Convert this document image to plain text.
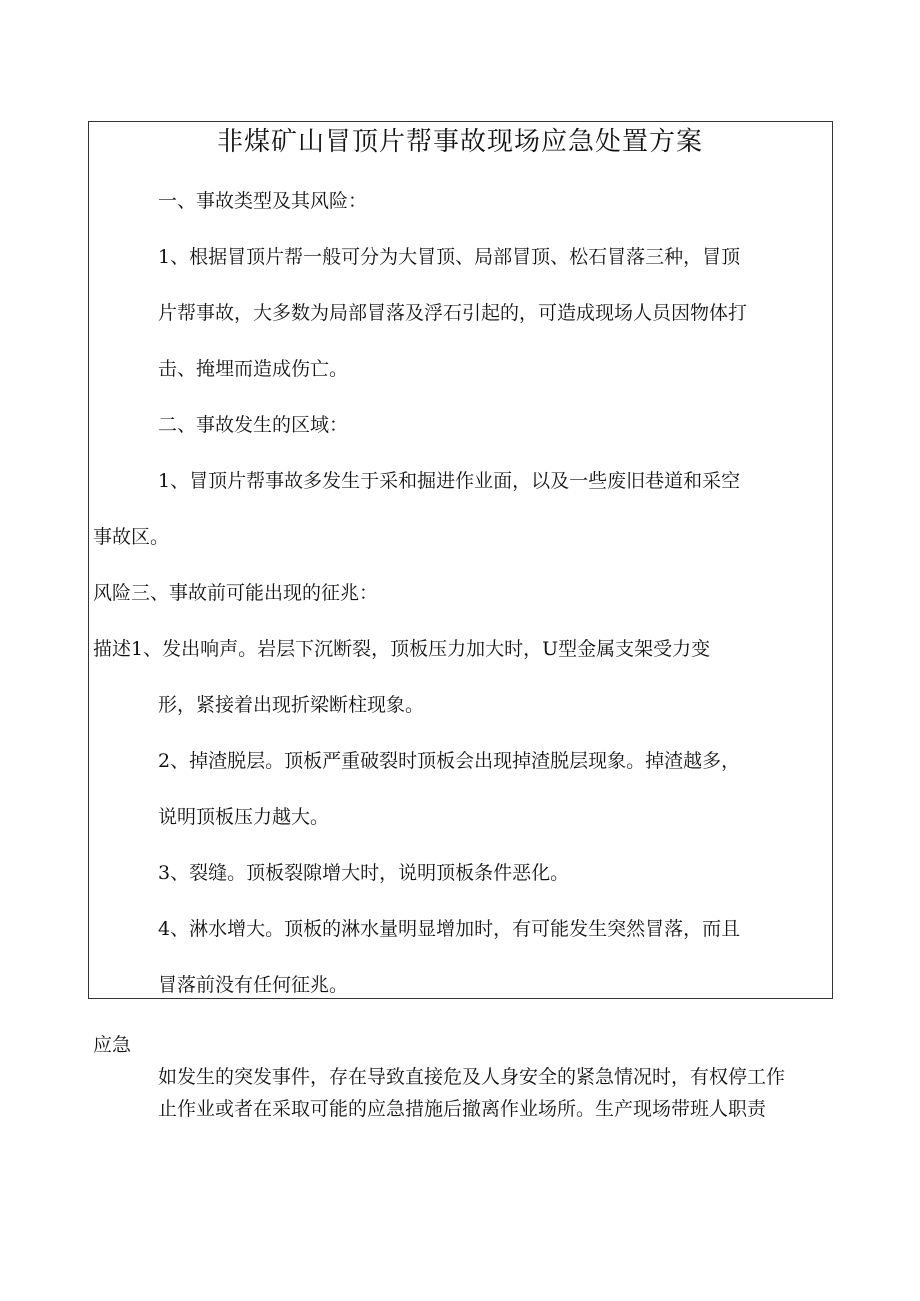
非煤矿山冒顶片帮事故现场应急处置方案
一、事故类型及其风险：
1、根据冒顶片帮一般可分为大冒顶、局部冒顶、松石冒落三种，冒顶
片帮事故，大多数为局部冒落及浮石引起的，可造成现场人员因物体打
击、掩埋而造成伤亡。
二、事故发生的区域：
1、冒顶片帮事故多发生于采和掘进作业面，以及一些废旧巷道和采空
事故区。
风险 三、事故前可能出现的征兆：
描述 1、发出响声。岩层下沉断裂，顶板压力加大时，U型金属支架受力变
形，紧接着出现折梁断柱现象。
2、掉渣脱层。顶板严重破裂时顶板会出现掉渣脱层现象。掉渣越多，
说明顶板压力越大。
3、裂缝。顶板裂隙增大时，说明顶板条件恶化。
4、淋水增大。顶板的淋水量明显增加时，有可能发生突然冒落，而且
冒落前没有任何征兆。
应急
如发生的突发事件，存在导致直接危及人身安全的紧急情况时，有权停工作
止作业或者在采取可能的应急措施后撤离作业场所。生产现场带班人职责
